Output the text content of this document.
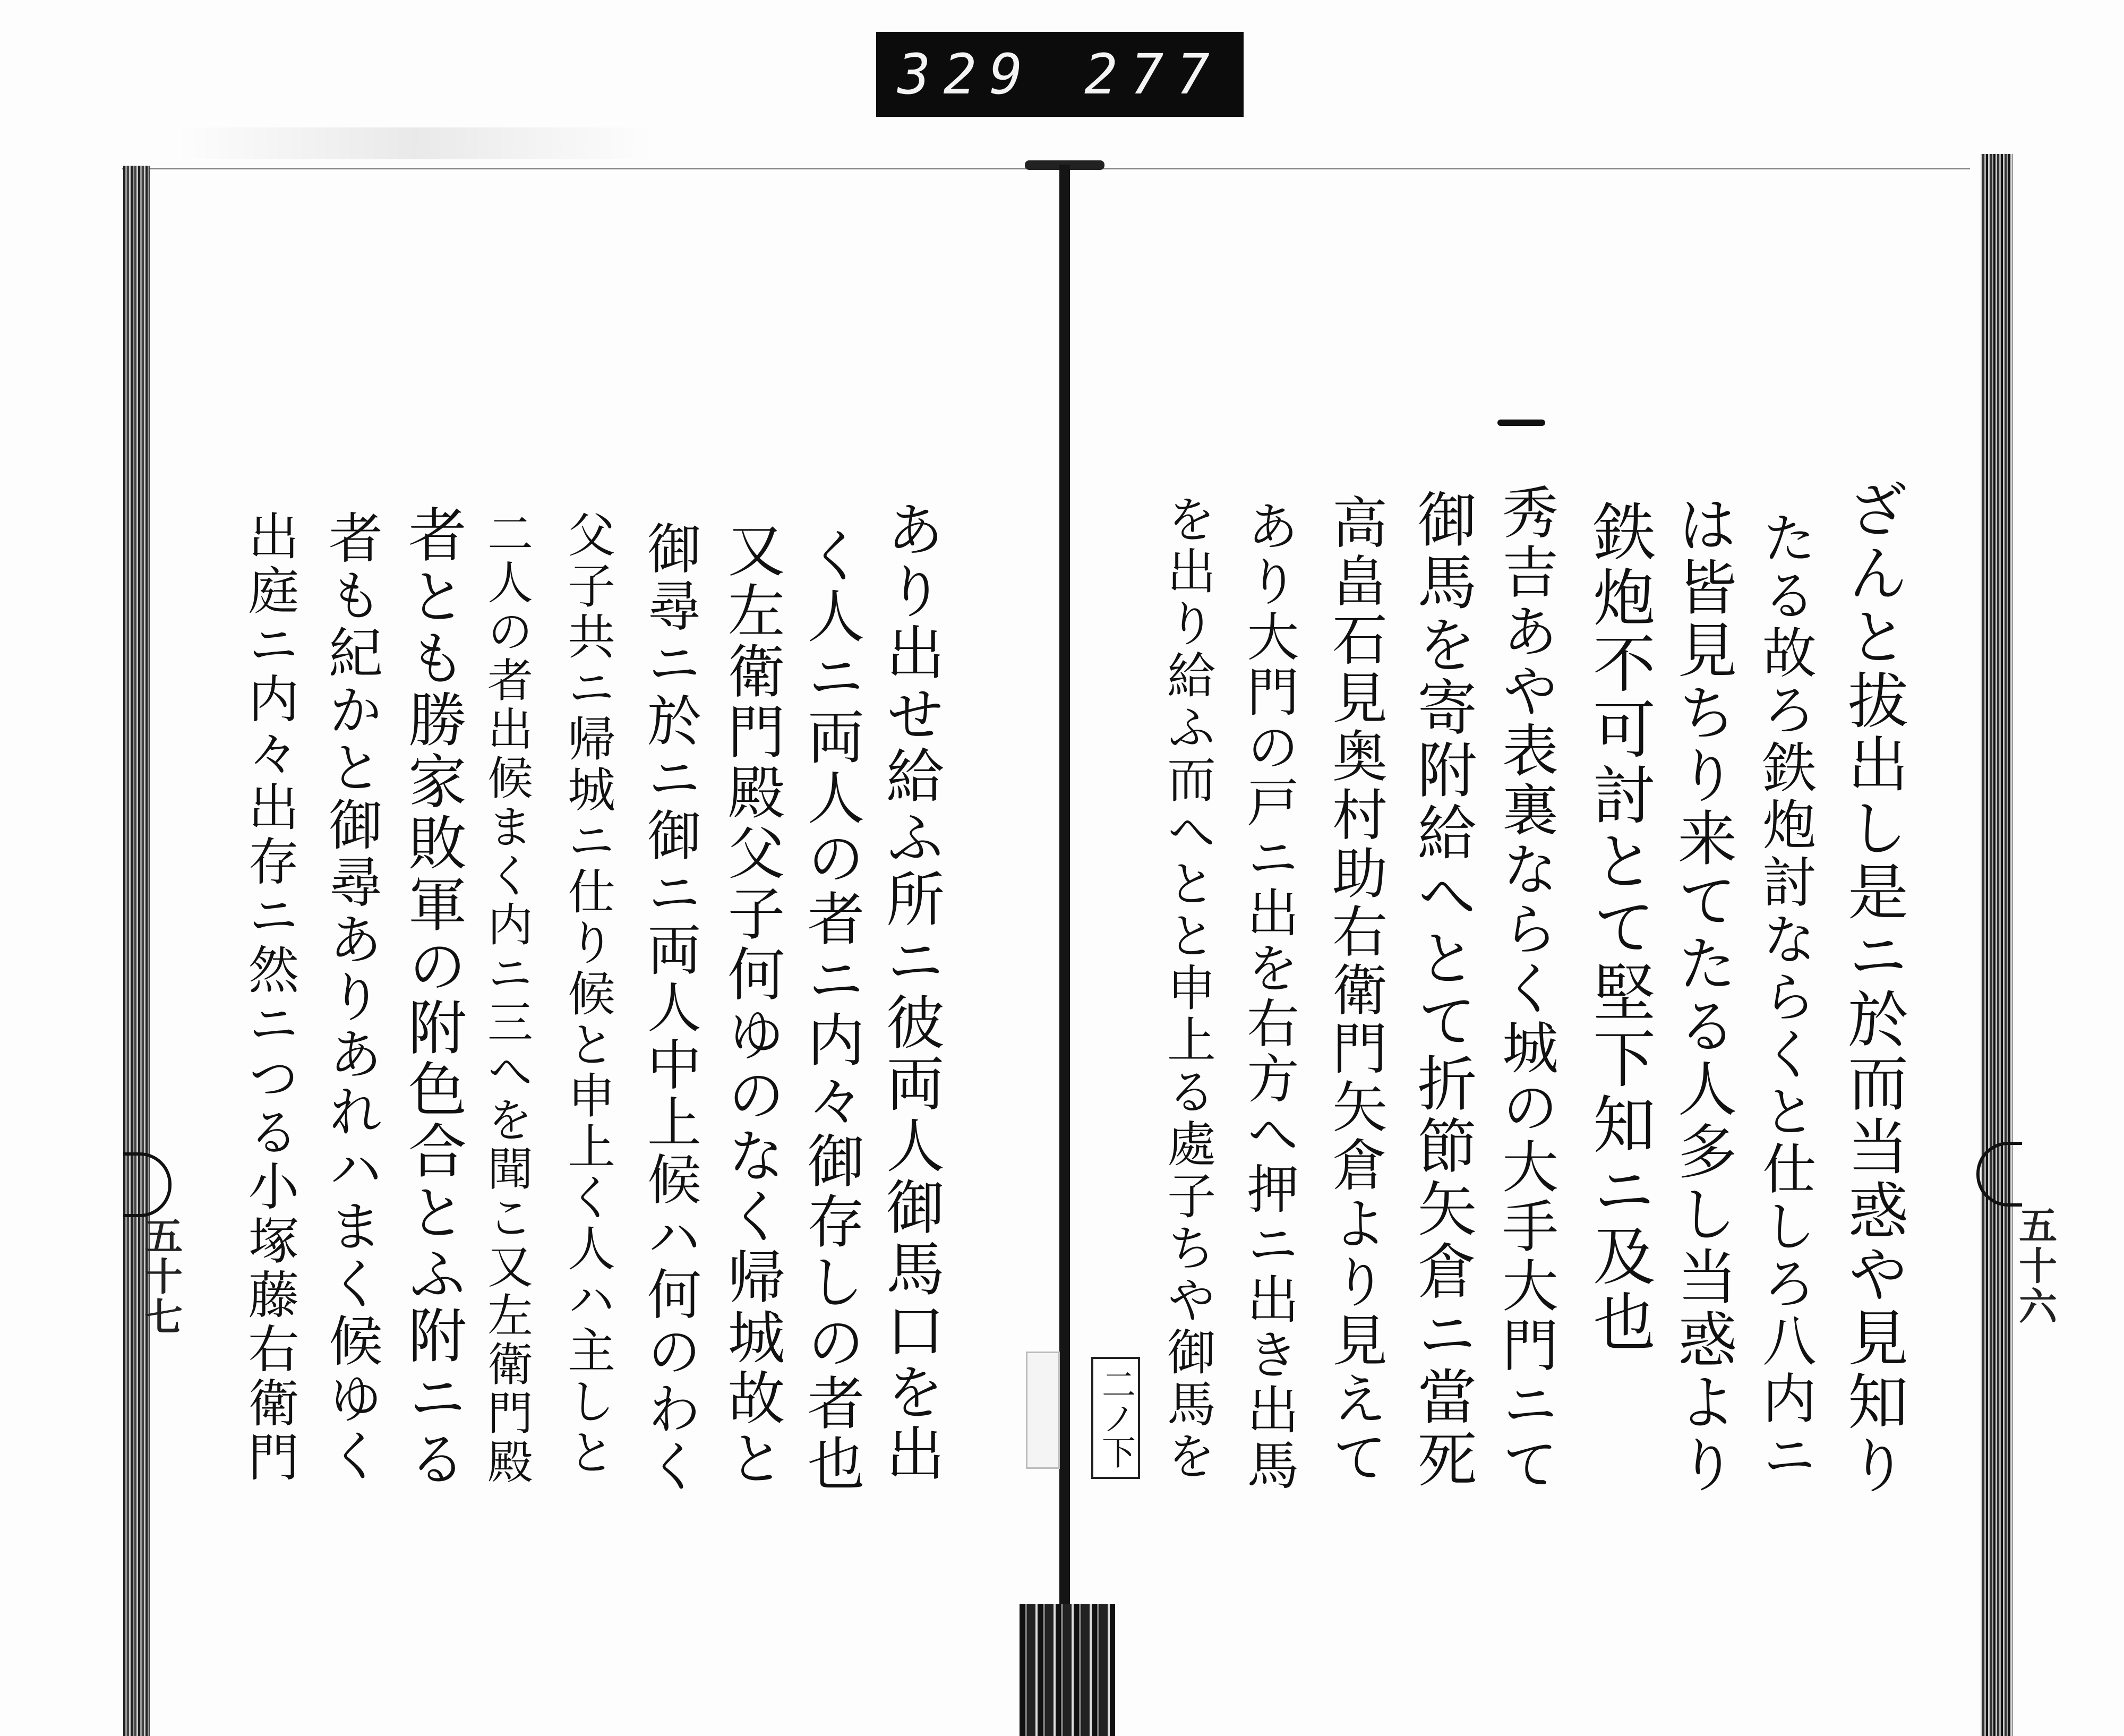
329 277
五十七	五十六
二ノ下	ざんと拔出し是ニ於而当惑や見知り
たる故ろ鉄炮討ならくと仕しろ八内ニ
は皆見ちり来てたる人多し当惑より
鉄炮不可討とて堅下知ニ及也
秀吉あや表裏ならく城の大手大門ニて
御馬を寄附給へとて折節矢倉ニ當死
高畠石見奥村助右衛門矢倉より見えて
あり大門の戸ニ出を右方へ押ニ出き出馬
を出り給ふ而へとと申上る處子ちや御馬を
あり出せ給ふ所ニ彼両人御馬口を出
く人ニ両人の者ニ内々御存しの者也
又左衛門殿父子何ゆのなく帰城故と
御尋ニ於ニ御ニ両人中上候ハ何のわく
父子共ニ帰城ニ仕り候と申上く人ハ主しと
二人の者出候まく内ニ三へを聞こ又左衛門殿
者とも勝家敗軍の附色合とふ附ニる
者も紀かと御尋ありあれハまく候ゆく
出庭ニ内々出存ニ然ニつる小塚藤右衛門
